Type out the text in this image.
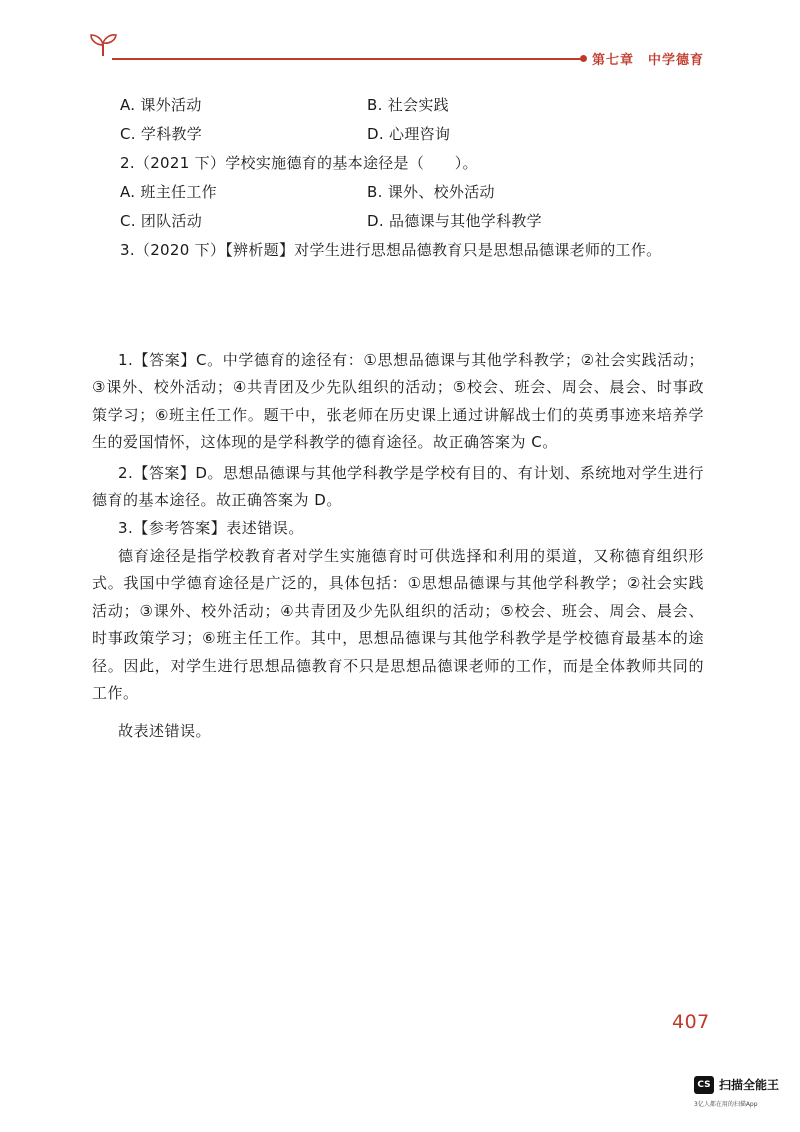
第七章　中学德育
A. 课外活动	B. 社会实践
C. 学科教学	D. 心理咨询
2.（2021 下）学校实施德育的基本途径是（　　）。
A. 班主任工作	B. 课外、校外活动
C. 团队活动	D. 品德课与其他学科教学
3.（2020 下）【辨析题】对学生进行思想品德教育只是思想品德课老师的工作。
1.【答案】C。中学德育的途径有：①思想品德课与其他学科教学；②社会实践活动；③课外、校外活动；④共青团及少先队组织的活动；⑤校会、班会、周会、晨会、时事政策学习；⑥班主任工作。题干中，张老师在历史课上通过讲解战士们的英勇事迹来培养学生的爱国情怀，这体现的是学科教学的德育途径。故正确答案为 C。
2.【答案】D。思想品德课与其他学科教学是学校有目的、有计划、系统地对学生进行德育的基本途径。故正确答案为 D。
3.【参考答案】表述错误。
德育途径是指学校教育者对学生实施德育时可供选择和利用的渠道，又称德育组织形式。我国中学德育途径是广泛的，具体包括：①思想品德课与其他学科教学；②社会实践活动；③课外、校外活动；④共青团及少先队组织的活动；⑤校会、班会、周会、晨会、时事政策学习；⑥班主任工作。其中，思想品德课与其他学科教学是学校德育最基本的途径。因此，对学生进行思想品德教育不只是思想品德课老师的工作，而是全体教师共同的工作。
故表述错误。
407
CS 扫描全能王
3亿人都在用的扫描App
